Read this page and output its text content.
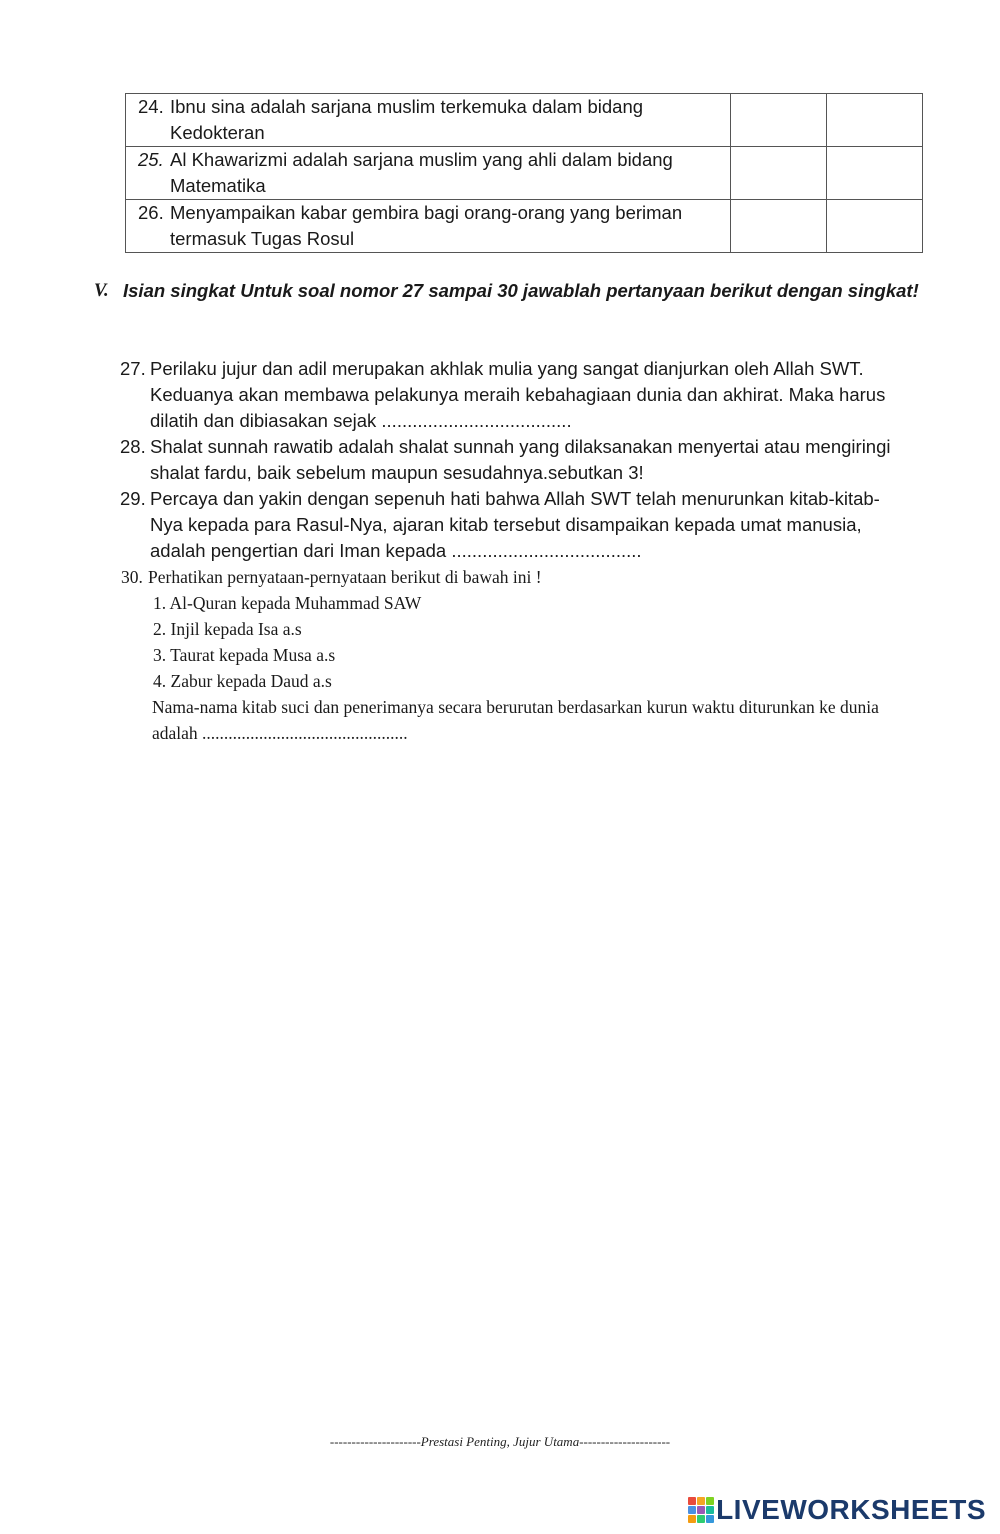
24. Ibnu sina adalah sarjana muslim terkemuka dalam bidang Kedokteran		

25. Al Khawarizmi adalah sarjana muslim yang ahli dalam bidang Matematika		

26. Menyampaikan kabar gembira bagi orang-orang yang beriman termasuk Tugas Rosul		

V. Isian singkat Untuk soal nomor 27 sampai 30 jawablah pertanyaan berikut dengan singkat!
27. Perilaku jujur dan adil merupakan akhlak mulia yang sangat dianjurkan oleh Allah SWT. Keduanya akan membawa pelakunya meraih kebahagiaan dunia dan akhirat. Maka harus dilatih dan dibiasakan sejak .....................................
28. Shalat sunnah rawatib adalah shalat sunnah yang dilaksanakan menyertai atau mengiringi shalat fardu, baik sebelum maupun sesudahnya.sebutkan 3!
29. Percaya dan yakin dengan sepenuh hati bahwa Allah SWT telah menurunkan kitab-kitab-Nya kepada para Rasul-Nya, ajaran kitab tersebut disampaikan kepada umat manusia, adalah pengertian dari Iman kepada .....................................
30. Perhatikan pernyataan-pernyataan berikut di bawah ini !
1. Al-Quran kepada Muhammad SAW
2. Injil kepada Isa a.s
3. Taurat kepada Musa a.s
4. Zabur kepada Daud a.s
Nama-nama kitab suci dan penerimanya secara berurutan berdasarkan kurun waktu diturunkan ke dunia adalah ...............................................
---------------------Prestasi Penting, Jujur Utama---------------------
LIVEWORKSHEETS
